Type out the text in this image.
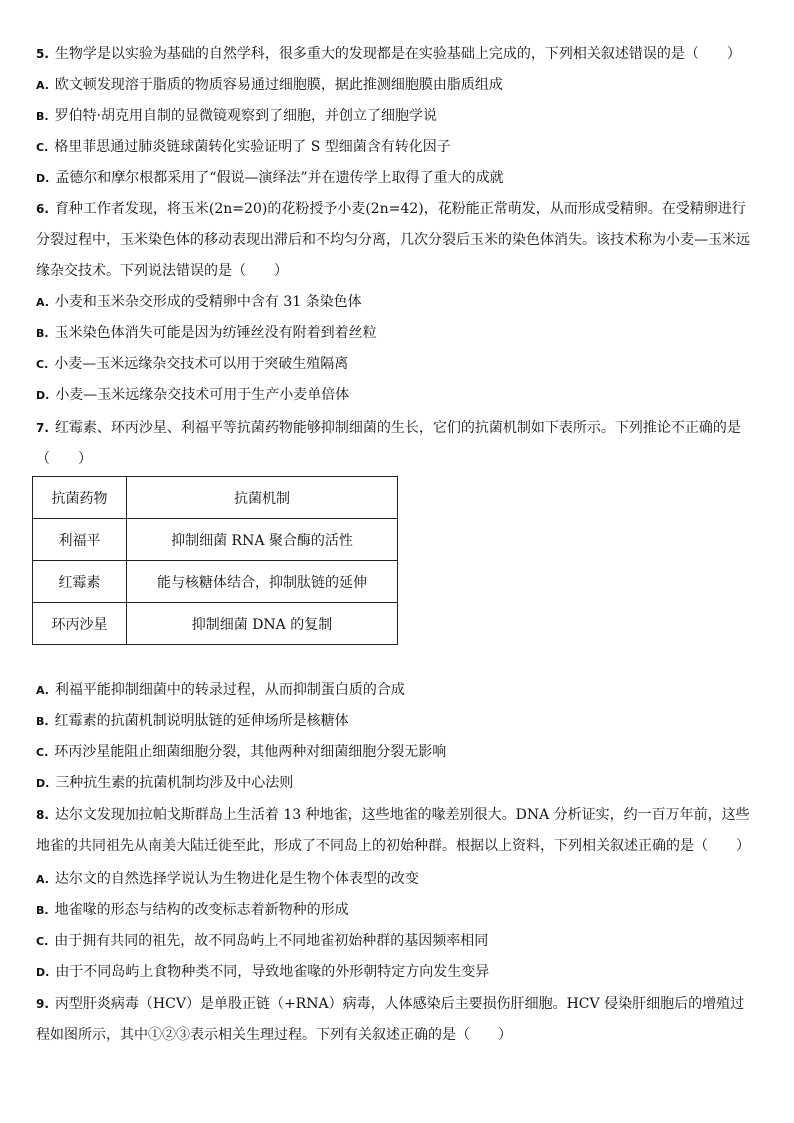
5. 生物学是以实验为基础的自然学科，很多重大的发现都是在实验基础上完成的，下列相关叙述错误的是（　　）

A. 欧文顿发现溶于脂质的物质容易通过细胞膜，据此推测细胞膜由脂质组成

B. 罗伯特·胡克用自制的显微镜观察到了细胞，并创立了细胞学说

C. 格里菲思通过肺炎链球菌转化实验证明了 S 型细菌含有转化因子

D. 孟德尔和摩尔根都采用了“假说—演绎法”并在遗传学上取得了重大的成就

6. 育种工作者发现，将玉米(2n=20)的花粉授予小麦(2n=42)，花粉能正常萌发，从而形成受精卵。在受精卵进行分裂过程中，玉米染色体的移动表现出滞后和不均匀分离，几次分裂后玉米的染色体消失。该技术称为小麦—玉米远缘杂交技术。下列说法错误的是（　　）

A. 小麦和玉米杂交形成的受精卵中含有 31 条染色体

B. 玉米染色体消失可能是因为纺锤丝没有附着到着丝粒

C. 小麦—玉米远缘杂交技术可以用于突破生殖隔离

D. 小麦—玉米远缘杂交技术可用于生产小麦单倍体

7. 红霉素、环丙沙星、利福平等抗菌药物能够抑制细菌的生长，它们的抗菌机制如下表所示。下列推论不正确的是（　　）

抗菌药物	抗菌机制
利福平	抑制细菌 RNA 聚合酶的活性
红霉素	能与核糖体结合，抑制肽链的延伸
环丙沙星	抑制细菌 DNA 的复制

A. 利福平能抑制细菌中的转录过程，从而抑制蛋白质的合成

B. 红霉素的抗菌机制说明肽链的延伸场所是核糖体

C. 环丙沙星能阻止细菌细胞分裂，其他两种对细菌细胞分裂无影响

D. 三种抗生素的抗菌机制均涉及中心法则

8. 达尔文发现加拉帕戈斯群岛上生活着 13 种地雀，这些地雀的喙差别很大。DNA 分析证实，约一百万年前，这些地雀的共同祖先从南美大陆迁徙至此，形成了不同岛上的初始种群。根据以上资料，下列相关叙述正确的是（　　）

A. 达尔文的自然选择学说认为生物进化是生物个体表型的改变

B. 地雀喙的形态与结构的改变标志着新物种的形成

C. 由于拥有共同的祖先，故不同岛屿上不同地雀初始种群的基因频率相同

D. 由于不同岛屿上食物种类不同，导致地雀喙的外形朝特定方向发生变异

9. 丙型肝炎病毒（HCV）是单股正链（+RNA）病毒，人体感染后主要损伤肝细胞。HCV 侵染肝细胞后的增殖过程如图所示，其中①②③表示相关生理过程。下列有关叙述正确的是（　　）
